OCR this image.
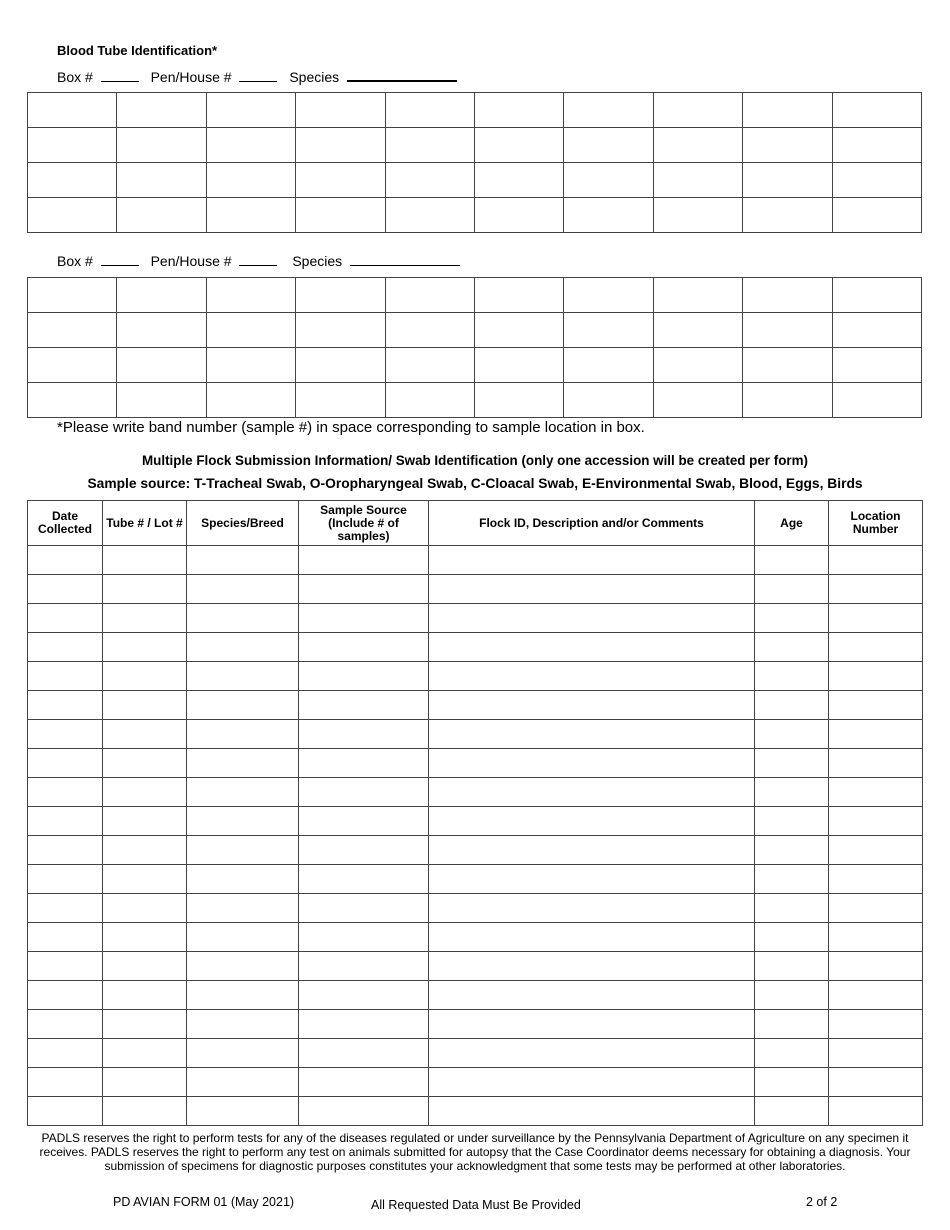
Blood Tube Identification*
Box #	Pen/House #	Species

Box #	Pen/House #	Species

*Please write band number (sample #) in space corresponding to sample location in box.
Multiple Flock Submission Information/ Swab Identification (only one accession will be created per form)
Sample source: T-Tracheal Swab, O-Oropharyngeal Swab, C-Cloacal Swab, E-Environmental Swab, Blood, Eggs, Birds
Date Collected	Tube # / Lot #	Species/Breed	Sample Source (Include # of samples)	Flock ID, Description and/or Comments	Age	Location Number

PADLS reserves the right to perform tests for any of the diseases regulated or under surveillance by the Pennsylvania Department of Agriculture on any specimen it receives. PADLS reserves the right to perform any test on animals submitted for autopsy that the Case Coordinator deems necessary for obtaining a diagnosis. Your submission of specimens for diagnostic purposes constitutes your acknowledgment that some tests may be performed at other laboratories.
PD AVIAN FORM 01 (May 2021)	All Requested Data Must Be Provided	2 of 2
